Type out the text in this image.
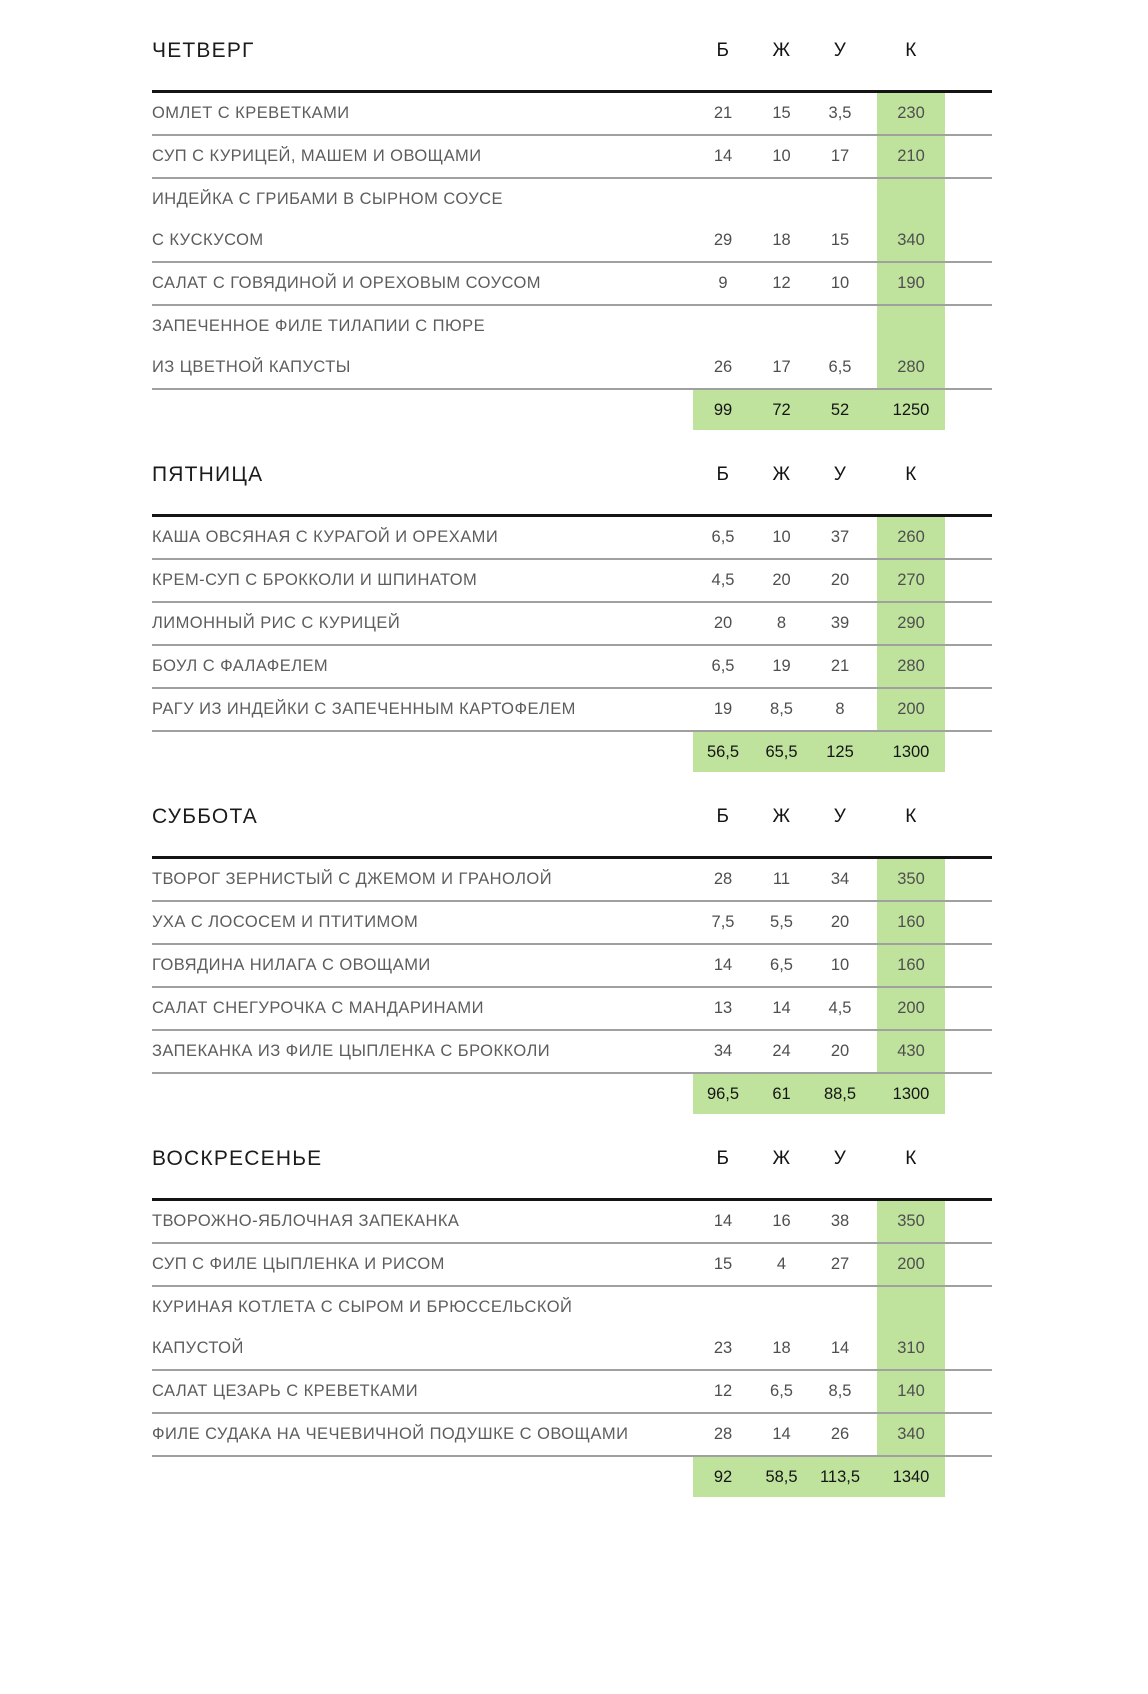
ЧЕТВЕРГ	Б	Ж	У	К
ОМЛЕТ С КРЕВЕТКАМИ	21	15	3,5	230
СУП С КУРИЦЕЙ, МАШЕМ И ОВОЩАМИ	14	10	17	210
ИНДЕЙКА С ГРИБАМИ В СЫРНОМ СОУСЕ
С КУСКУСОМ	29	18	15	340
САЛАТ С ГОВЯДИНОЙ И ОРЕХОВЫМ СОУСОМ	9	12	10	190
ЗАПЕЧЕННОЕ ФИЛЕ ТИЛАПИИ С ПЮРЕ
ИЗ ЦВЕТНОЙ КАПУСТЫ	26	17	6,5	280
99	72	52	1250
ПЯТНИЦА	Б	Ж	У	К
КАША ОВСЯНАЯ С КУРАГОЙ И ОРЕХАМИ	6,5	10	37	260
КРЕМ-СУП С БРОККОЛИ И ШПИНАТОМ	4,5	20	20	270
ЛИМОННЫЙ РИС С КУРИЦЕЙ	20	8	39	290
БОУЛ С ФАЛАФЕЛЕМ	6,5	19	21	280
РАГУ ИЗ ИНДЕЙКИ С ЗАПЕЧЕННЫМ КАРТОФЕЛЕМ	19	8,5	8	200
56,5	65,5	125	1300
СУББОТА	Б	Ж	У	К
ТВОРОГ ЗЕРНИСТЫЙ С ДЖЕМОМ И ГРАНОЛОЙ	28	11	34	350
УХА С ЛОСОСЕМ И ПТИТИМОМ	7,5	5,5	20	160
ГОВЯДИНА НИЛАГА С ОВОЩАМИ	14	6,5	10	160
САЛАТ СНЕГУРОЧКА С МАНДАРИНАМИ	13	14	4,5	200
ЗАПЕКАНКА ИЗ ФИЛЕ ЦЫПЛЕНКА С БРОККОЛИ	34	24	20	430
96,5	61	88,5	1300
ВОСКРЕСЕНЬЕ	Б	Ж	У	К
ТВОРОЖНО-ЯБЛОЧНАЯ ЗАПЕКАНКА	14	16	38	350
СУП С ФИЛЕ ЦЫПЛЕНКА И РИСОМ	15	4	27	200
КУРИНАЯ КОТЛЕТА С СЫРОМ И БРЮССЕЛЬСКОЙ
КАПУСТОЙ	23	18	14	310
САЛАТ ЦЕЗАРЬ С КРЕВЕТКАМИ	12	6,5	8,5	140
ФИЛЕ СУДАКА НА ЧЕЧЕВИЧНОЙ ПОДУШКЕ С ОВОЩАМИ	28	14	26	340
92	58,5	113,5	1340
